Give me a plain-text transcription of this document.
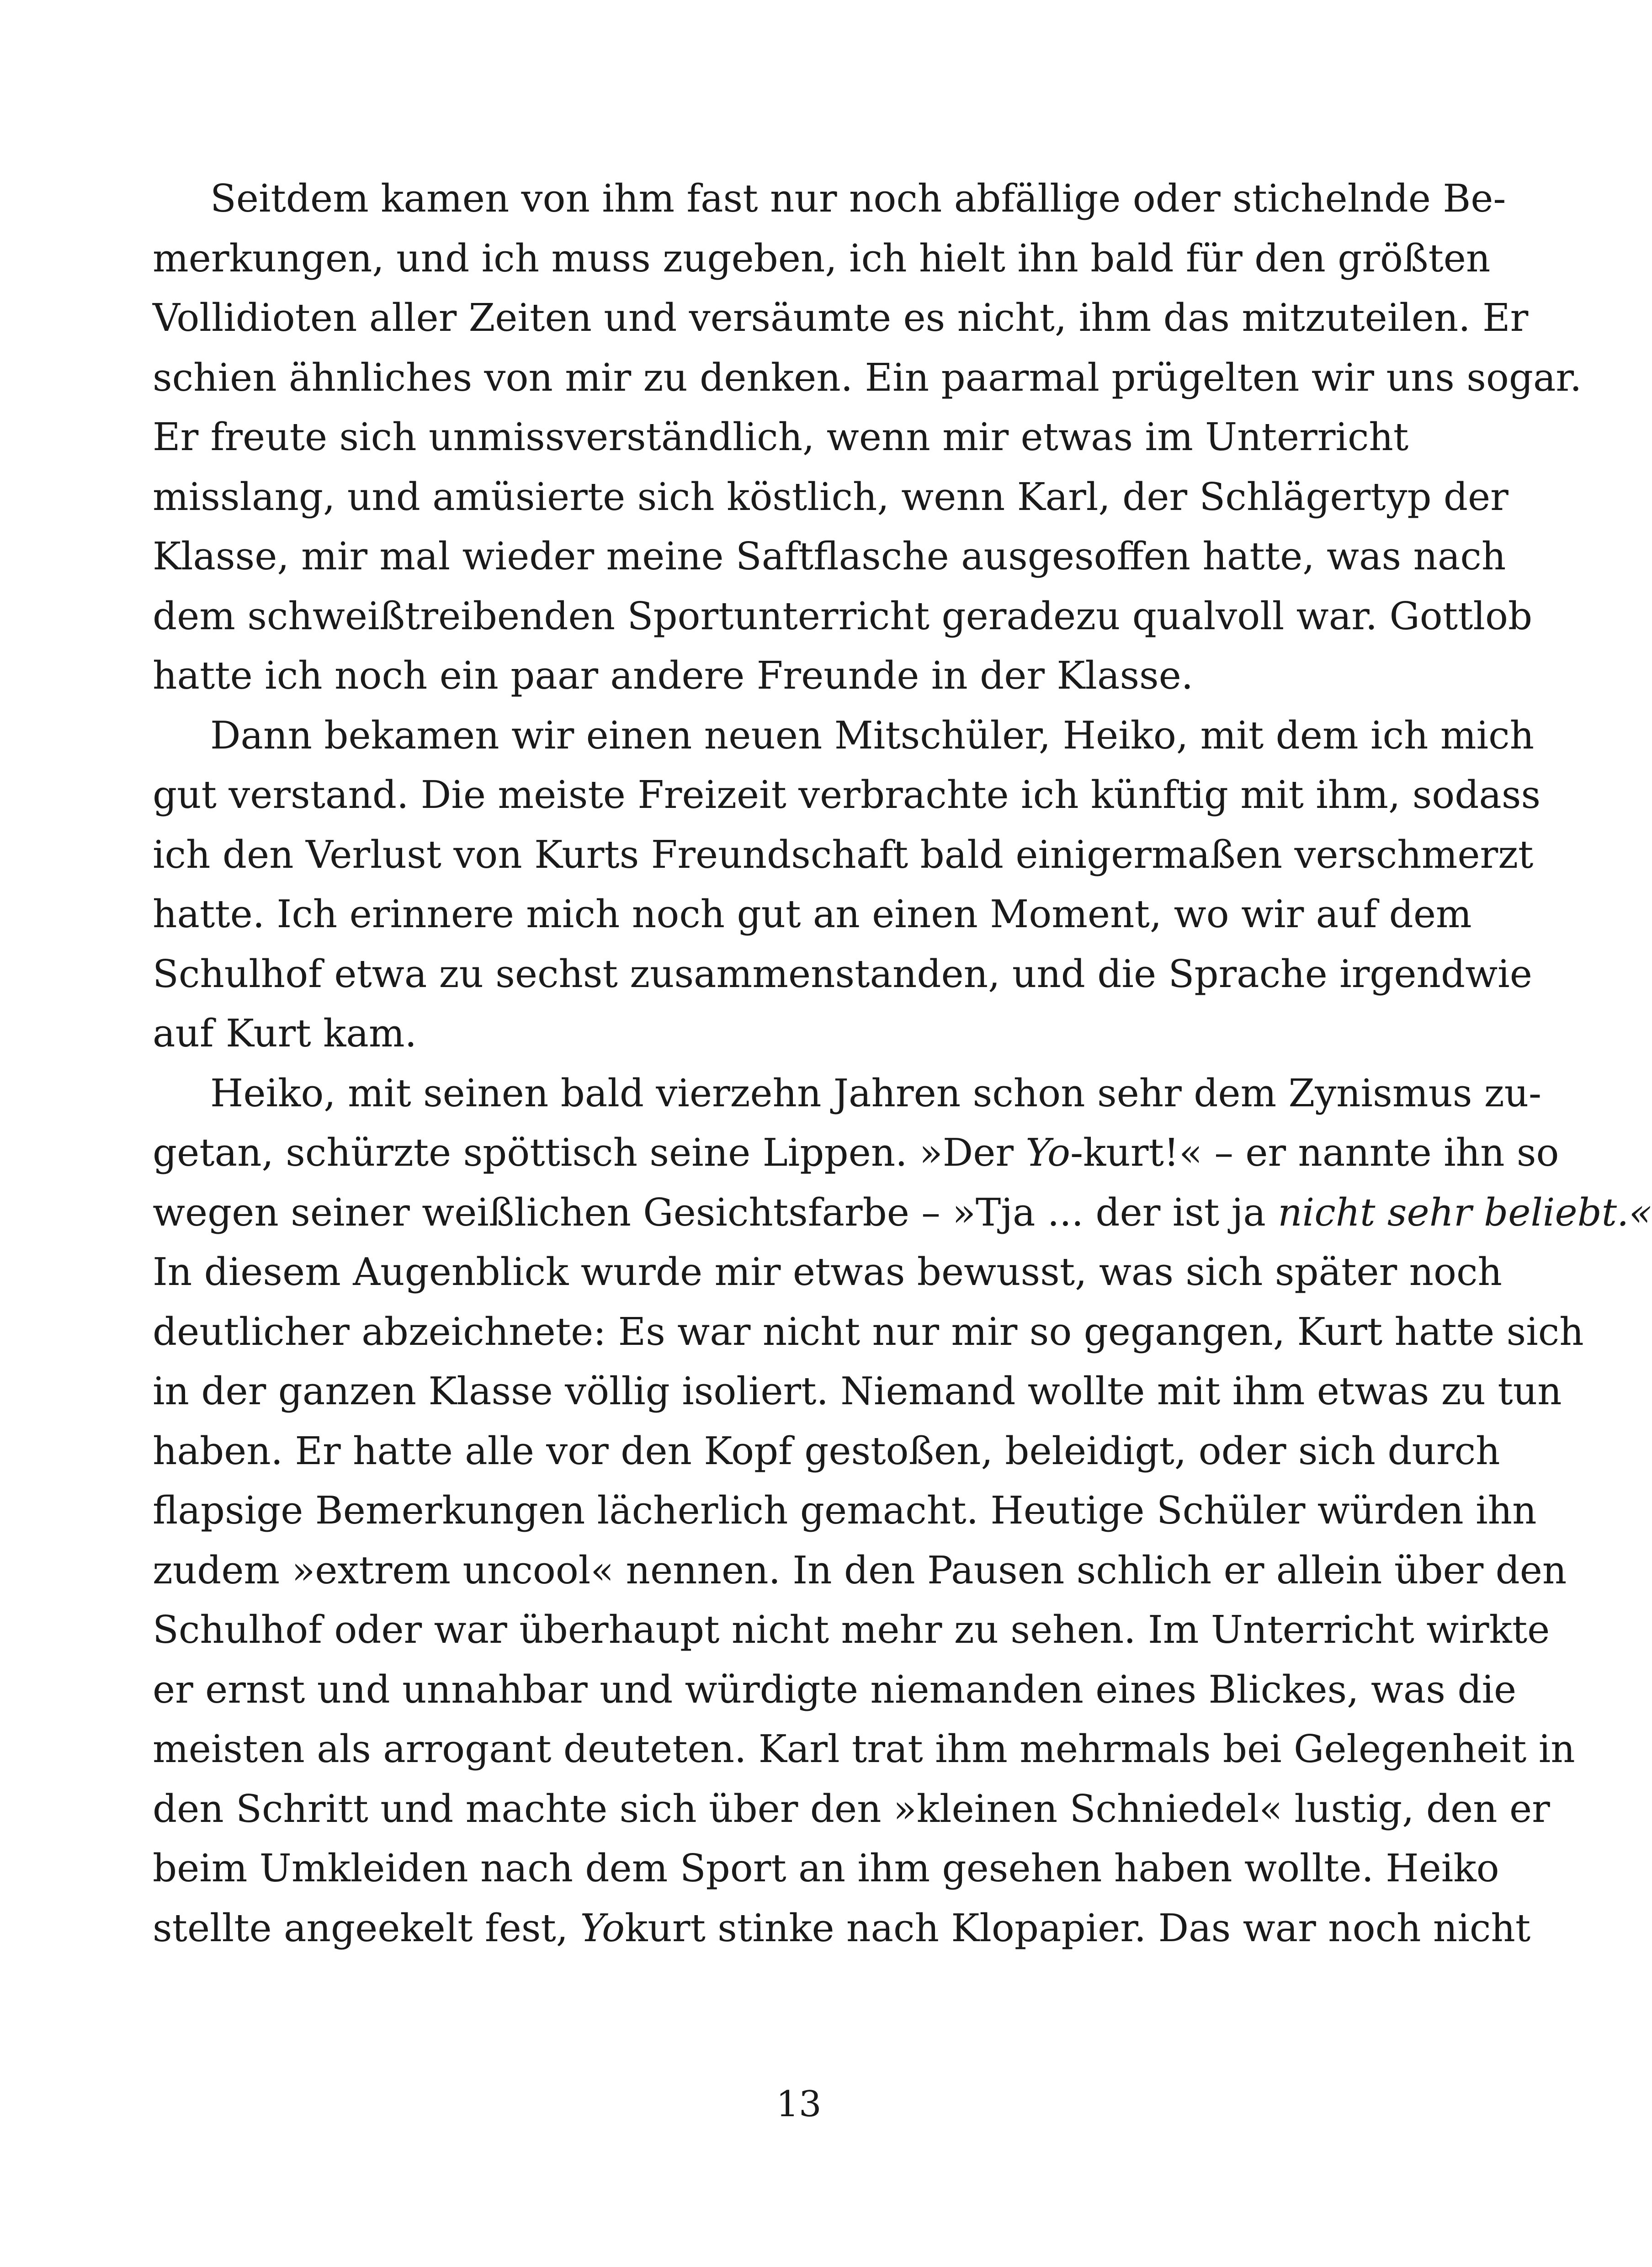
Seitdem kamen von ihm fast nur noch abfällige oder stichelnde Be-
merkungen, und ich muss zugeben, ich hielt ihn bald für den größten
Vollidioten aller Zeiten und versäumte es nicht, ihm das mitzuteilen. Er
schien ähnliches von mir zu denken. Ein paarmal prügelten wir uns sogar.
Er freute sich unmissverständlich, wenn mir etwas im Unterricht
misslang, und amüsierte sich köstlich, wenn Karl, der Schlägertyp der
Klasse, mir mal wieder meine Saftflasche ausgesoffen hatte, was nach
dem schweißtreibenden Sportunterricht geradezu qualvoll war. Gottlob
hatte ich noch ein paar andere Freunde in der Klasse.
Dann bekamen wir einen neuen Mitschüler, Heiko, mit dem ich mich
gut verstand. Die meiste Freizeit verbrachte ich künftig mit ihm, sodass
ich den Verlust von Kurts Freundschaft bald einigermaßen verschmerzt
hatte. Ich erinnere mich noch gut an einen Moment, wo wir auf dem
Schulhof etwa zu sechst zusammenstanden, und die Sprache irgendwie
auf Kurt kam.
Heiko, mit seinen bald vierzehn Jahren schon sehr dem Zynismus zu-
getan, schürzte spöttisch seine Lippen. »Der Yo-kurt!« – er nannte ihn so
wegen seiner weißlichen Gesichtsfarbe – »Tja ... der ist ja nicht sehr beliebt.«
In diesem Augenblick wurde mir etwas bewusst, was sich später noch
deutlicher abzeichnete: Es war nicht nur mir so gegangen, Kurt hatte sich
in der ganzen Klasse völlig isoliert. Niemand wollte mit ihm etwas zu tun
haben. Er hatte alle vor den Kopf gestoßen, beleidigt, oder sich durch
flapsige Bemerkungen lächerlich gemacht. Heutige Schüler würden ihn
zudem »extrem uncool« nennen. In den Pausen schlich er allein über den
Schulhof oder war überhaupt nicht mehr zu sehen. Im Unterricht wirkte
er ernst und unnahbar und würdigte niemanden eines Blickes, was die
meisten als arrogant deuteten. Karl trat ihm mehrmals bei Gelegenheit in
den Schritt und machte sich über den »kleinen Schniedel« lustig, den er
beim Umkleiden nach dem Sport an ihm gesehen haben wollte. Heiko
stellte angeekelt fest, Yokurt stinke nach Klopapier. Das war noch nicht
13
